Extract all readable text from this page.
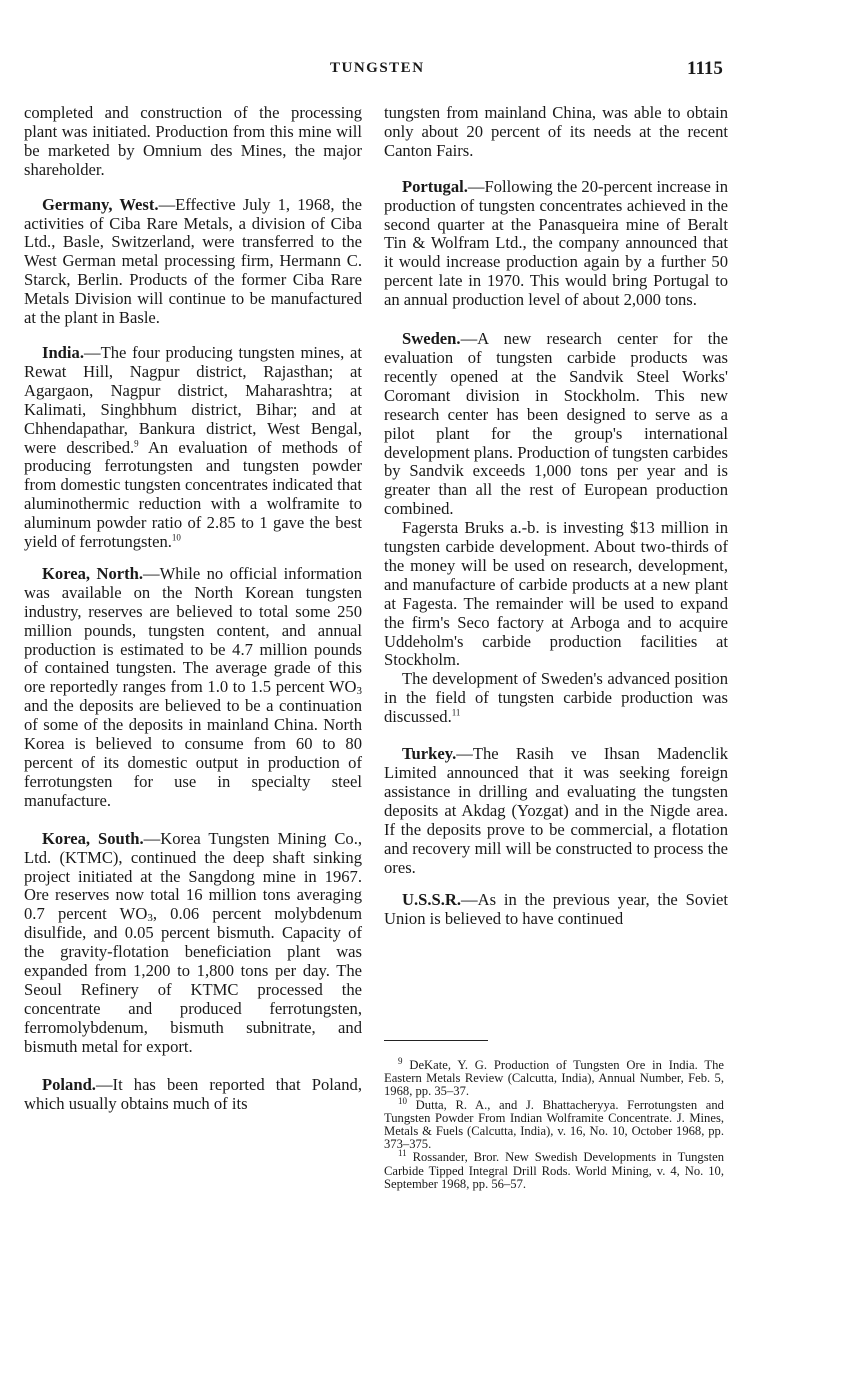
TUNGSTEN	1115

completed and construction of the processing plant was initiated. Production from this mine will be marketed by Omnium des Mines, the major shareholder.

Germany, West.—Effective July 1, 1968, the activities of Ciba Rare Metals, a division of Ciba Ltd., Basle, Switzerland, were transferred to the West German metal processing firm, Hermann C. Starck, Berlin. Products of the former Ciba Rare Metals Division will continue to be manufactured at the plant in Basle.

India.—The four producing tungsten mines, at Rewat Hill, Nagpur district, Rajasthan; at Agargaon, Nagpur district, Maharashtra; at Kalimati, Singhbhum district, Bihar; and at Chhendapathar, Bankura district, West Bengal, were described.$^9$ An evaluation of methods of producing ferrotungsten and tungsten powder from domestic tungsten concentrates indicated that aluminothermic reduction with a wolframite to aluminum powder ratio of 2.85 to 1 gave the best yield of ferrotungsten.$^{10}$

Korea, North.—While no official information was available on the North Korean tungsten industry, reserves are believed to total some 250 million pounds, tungsten content, and annual production is estimated to be 4.7 million pounds of contained tungsten. The average grade of this ore reportedly ranges from 1.0 to 1.5 percent WO3 and the deposits are believed to be a continuation of some of the deposits in mainland China. North Korea is believed to consume from 60 to 80 percent of its domestic output in production of ferrotungsten for use in specialty steel manufacture.

Korea, South.—Korea Tungsten Mining Co., Ltd. (KTMC), continued the deep shaft sinking project initiated at the Sangdong mine in 1967. Ore reserves now total 16 million tons averaging 0.7 percent WO3, 0.06 percent molybdenum disulfide, and 0.05 percent bismuth. Capacity of the gravity-flotation beneficiation plant was expanded from 1,200 to 1,800 tons per day. The Seoul Refinery of KTMC processed the concentrate and produced ferrotungsten, ferromolybdenum, bismuth subnitrate, and bismuth metal for export.

Poland.—It has been reported that Poland, which usually obtains much of its

tungsten from mainland China, was able to obtain only about 20 percent of its needs at the recent Canton Fairs.

Portugal.—Following the 20-percent increase in production of tungsten concentrates achieved in the second quarter at the Panasqueira mine of Beralt Tin & Wolfram Ltd., the company announced that it would increase production again by a further 50 percent late in 1970. This would bring Portugal to an annual production level of about 2,000 tons.

Sweden.—A new research center for the evaluation of tungsten carbide products was recently opened at the Sandvik Steel Works' Coromant division in Stockholm. This new research center has been designed to serve as a pilot plant for the group's international development plans. Production of tungsten carbides by Sandvik exceeds 1,000 tons per year and is greater than all the rest of European production combined.

Fagersta Bruks a.-b. is investing $13 million in tungsten carbide development. About two-thirds of the money will be used on research, development, and manufacture of carbide products at a new plant at Fagesta. The remainder will be used to expand the firm's Seco factory at Arboga and to acquire Uddeholm's carbide production facilities at Stockholm.

The development of Sweden's advanced position in the field of tungsten carbide production was discussed.$^{11}$

Turkey.—The Rasih ve Ihsan Madenclik Limited announced that it was seeking foreign assistance in drilling and evaluating the tungsten deposits at Akdag (Yozgat) and in the Nigde area. If the deposits prove to be commercial, a flotation and recovery mill will be constructed to process the ores.

U.S.S.R.—As in the previous year, the Soviet Union is believed to have continued

$^9$ DeKate, Y. G. Production of Tungsten Ore in India. The Eastern Metals Review (Calcutta, India), Annual Number, Feb. 5, 1968, pp. 35–37.

$^{10}$ Dutta, R. A., and J. Bhattacheryya. Ferrotungsten and Tungsten Powder From Indian Wolframite Concentrate. J. Mines, Metals & Fuels (Calcutta, India), v. 16, No. 10, October 1968, pp. 373–375.

$^{11}$ Rossander, Bror. New Swedish Developments in Tungsten Carbide Tipped Integral Drill Rods. World Mining, v. 4, No. 10, September 1968, pp. 56–57.
